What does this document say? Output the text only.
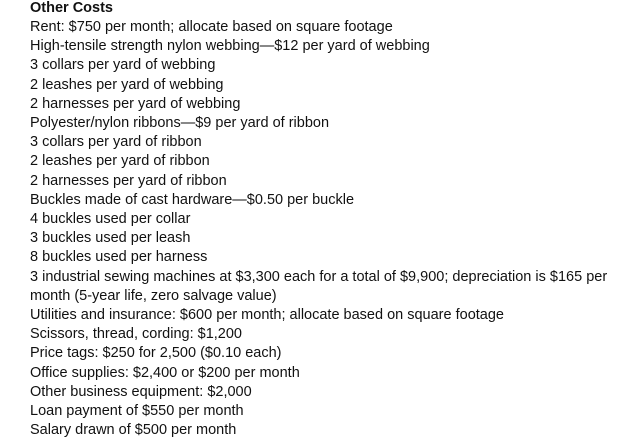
Other Costs
Rent: $750 per month; allocate based on square footage
High-tensile strength nylon webbing—$12 per yard of webbing
3 collars per yard of webbing
2 leashes per yard of webbing
2 harnesses per yard of webbing
Polyester/nylon ribbons—$9 per yard of ribbon
3 collars per yard of ribbon
2 leashes per yard of ribbon
2 harnesses per yard of ribbon
Buckles made of cast hardware—$0.50 per buckle
4 buckles used per collar
3 buckles used per leash
8 buckles used per harness
3 industrial sewing machines at $3,300 each for a total of $9,900; depreciation is $165 per month (5-year life, zero salvage value)
Utilities and insurance: $600 per month; allocate based on square footage
Scissors, thread, cording: $1,200
Price tags: $250 for 2,500 ($0.10 each)
Office supplies: $2,400 or $200 per month
Other business equipment: $2,000
Loan payment of $550 per month
Salary drawn of $500 per month
